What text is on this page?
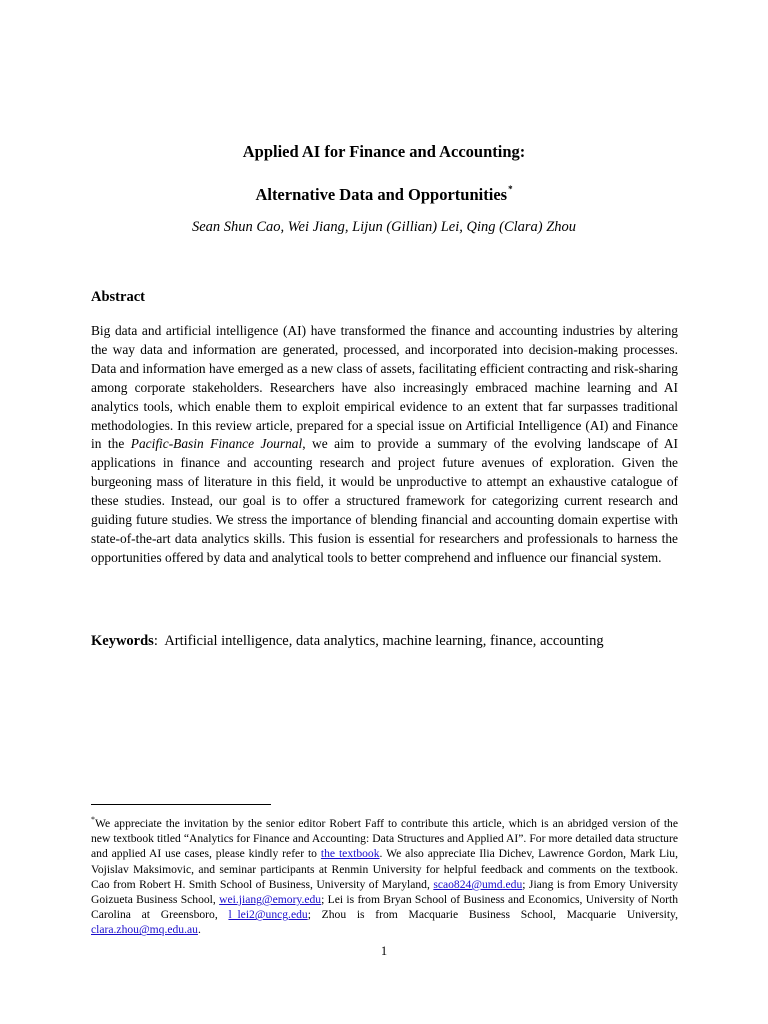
Applied AI for Finance and Accounting:
Alternative Data and Opportunities*
Sean Shun Cao, Wei Jiang, Lijun (Gillian) Lei, Qing (Clara) Zhou
Abstract
Big data and artificial intelligence (AI) have transformed the finance and accounting industries by altering the way data and information are generated, processed, and incorporated into decision-making processes. Data and information have emerged as a new class of assets, facilitating efficient contracting and risk-sharing among corporate stakeholders. Researchers have also increasingly embraced machine learning and AI analytics tools, which enable them to exploit empirical evidence to an extent that far surpasses traditional methodologies. In this review article, prepared for a special issue on Artificial Intelligence (AI) and Finance in the Pacific-Basin Finance Journal, we aim to provide a summary of the evolving landscape of AI applications in finance and accounting research and project future avenues of exploration. Given the burgeoning mass of literature in this field, it would be unproductive to attempt an exhaustive catalogue of these studies. Instead, our goal is to offer a structured framework for categorizing current research and guiding future studies. We stress the importance of blending financial and accounting domain expertise with state-of-the-art data analytics skills. This fusion is essential for researchers and professionals to harness the opportunities offered by data and analytical tools to better comprehend and influence our financial system.
Keywords:  Artificial intelligence, data analytics, machine learning, finance, accounting
*We appreciate the invitation by the senior editor Robert Faff to contribute this article, which is an abridged version of the new textbook titled “Analytics for Finance and Accounting: Data Structures and Applied AI”. For more detailed data structure and applied AI use cases, please kindly refer to the textbook. We also appreciate Ilia Dichev, Lawrence Gordon, Mark Liu, Vojislav Maksimovic, and seminar participants at Renmin University for helpful feedback and comments on the textbook. Cao from Robert H. Smith School of Business, University of Maryland, scao824@umd.edu; Jiang is from Emory University Goizueta Business School, wei.jiang@emory.edu; Lei is from Bryan School of Business and Economics, University of North Carolina at Greensboro, l_lei2@uncg.edu; Zhou is from Macquarie Business School, Macquarie University, clara.zhou@mq.edu.au.
1
